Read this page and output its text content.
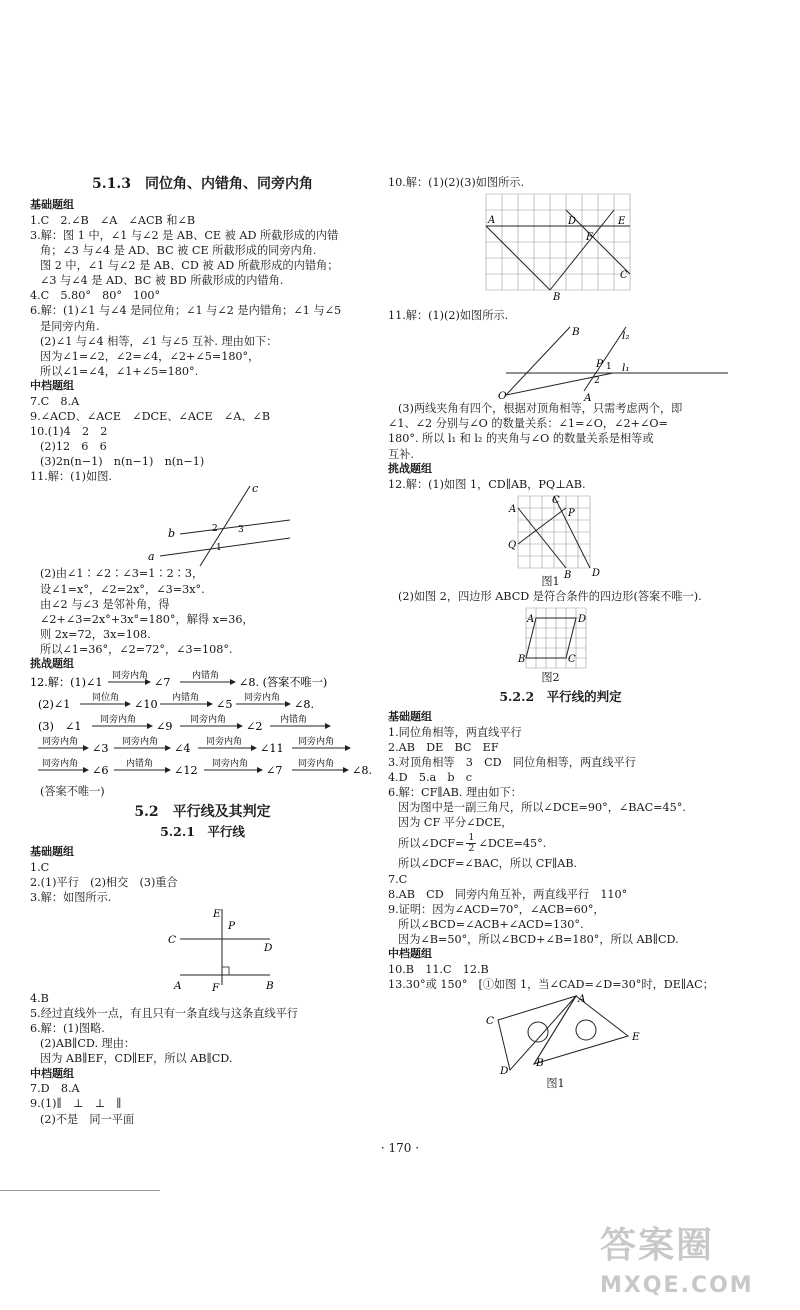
5.1.3　同位角、内错角、同旁内角
基础题组
1.C　2.∠B　∠A　∠ACB 和∠B
3.解：图 1 中，∠1 与∠2 是 AB、CE 被 AD 所截形成的内错
角；∠3 与∠4 是 AD、BC 被 CE 所截形成的同旁内角.
图 2 中，∠1 与∠2 是 AB、CD 被 AD 所截形成的内错角；
∠3 与∠4 是 AD、BC 被 BD 所截形成的内错角.
4.C　5.80°　80°　100°
6.解：(1)∠1 与∠4 是同位角；∠1 与∠2 是内错角；∠1 与∠5
是同旁内角.
(2)∠1 与∠4 相等，∠1 与∠5 互补. 理由如下：
因为∠1=∠2，∠2=∠4，∠2+∠5=180°，
所以∠1=∠4，∠1+∠5=180°.
中档题组
7.C　8.A
9.∠ACD、∠ACE　∠DCE、∠ACE　∠A、∠B
10.(1)4　2　2
(2)12　6　6
(3)2n(n−1)　n(n−1)　n(n−1)
11.解：(1)如图.
b
a
c
1
2 3
(2)由∠1∶∠2∶∠3=1∶2∶3，
设∠1=x°，∠2=2x°，∠3=3x°.
由∠2 与∠3 是邻补角，得
∠2+∠3=2x°+3x°=180°，解得 x=36，
则 2x=72，3x=108.
所以∠1=36°，∠2=72°，∠3=108°.
挑战题组
12.解：(1)∠1 同旁内角 ∠7 内错角 ∠8. (答案不唯一)
(2)∠1 同位角 ∠10 内错角 ∠5 同旁内角 ∠8.
(3)　∠1 同旁内角 ∠9 同旁内角 ∠2 内错角
同旁内角 ∠3 同旁内角 ∠4 同旁内角 ∠11 同旁内角
同旁内角 ∠6 内错角 ∠12 同旁内角 ∠7 同旁内角 ∠8.
(答案不唯一)
5.2　平行线及其判定
5.2.1　平行线
基础题组
1.C
2.(1)平行　(2)相交　(3)重合
3.解：如图所示.
E
P
C
D
A	F	B
4.B
5.经过直线外一点，有且只有一条直线与这条直线平行
6.解：(1)图略.
(2)AB∥CD. 理由：
因为 AB∥EF，CD∥EF，所以 AB∥CD.
中档题组
7.D　8.A
9.(1)∥　⊥　⊥　∥
(2)不是　同一平面
10.解：(1)(2)(3)如图所示.
A
B
C
D	E
F
11.解：(1)(2)如图所示.
B	l₂
P 1 l₁
2
O	A
(3)两线夹角有四个，根据对顶角相等，只需考虑两个，即
∠1、∠2 分别与∠O 的数量关系：∠1=∠O，∠2+∠O=
180°. 所以 l₁ 和 l₂ 的夹角与∠O 的数量关系是相等或
互补.
挑战题组
12.解：(1)如图 1，CD∥AB，PQ⊥AB.
C
A	P
Q
B D
图1
(2)如图 2，四边形 ABCD 是符合条件的四边形(答案不唯一).
D
C
A
B
图2
5.2.2　平行线的判定
基础题组
1.同位角相等，两直线平行
2.AB　DE　BC　EF
3.对顶角相等　3　CD　同位角相等，两直线平行
4.D　5.a　b　c
6.解：CF∥AB. 理由如下：
因为图中是一副三角尺，所以∠DCE=90°，∠BAC=45°.
因为 CF 平分∠DCE，
所以∠DCF= $\frac{1}{2}$ ∠DCE=45°.
所以∠DCF=∠BAC，所以 CF∥AB.
7.C
8.AB　CD　同旁内角互补，两直线平行　110°
9.证明：因为∠ACD=70°，∠ACB=60°，
所以∠BCD=∠ACB+∠ACD=130°.
因为∠B=50°，所以∠BCD+∠B=180°，所以 AB∥CD.
中档题组
10.B　11.C　12.B
13.30°或 150°　[①如图 1，当∠CAD=∠D=30°时，DE∥AC；
A
C
E
D
B
图1
· 170 ·
答案圈
MXQE.COM
